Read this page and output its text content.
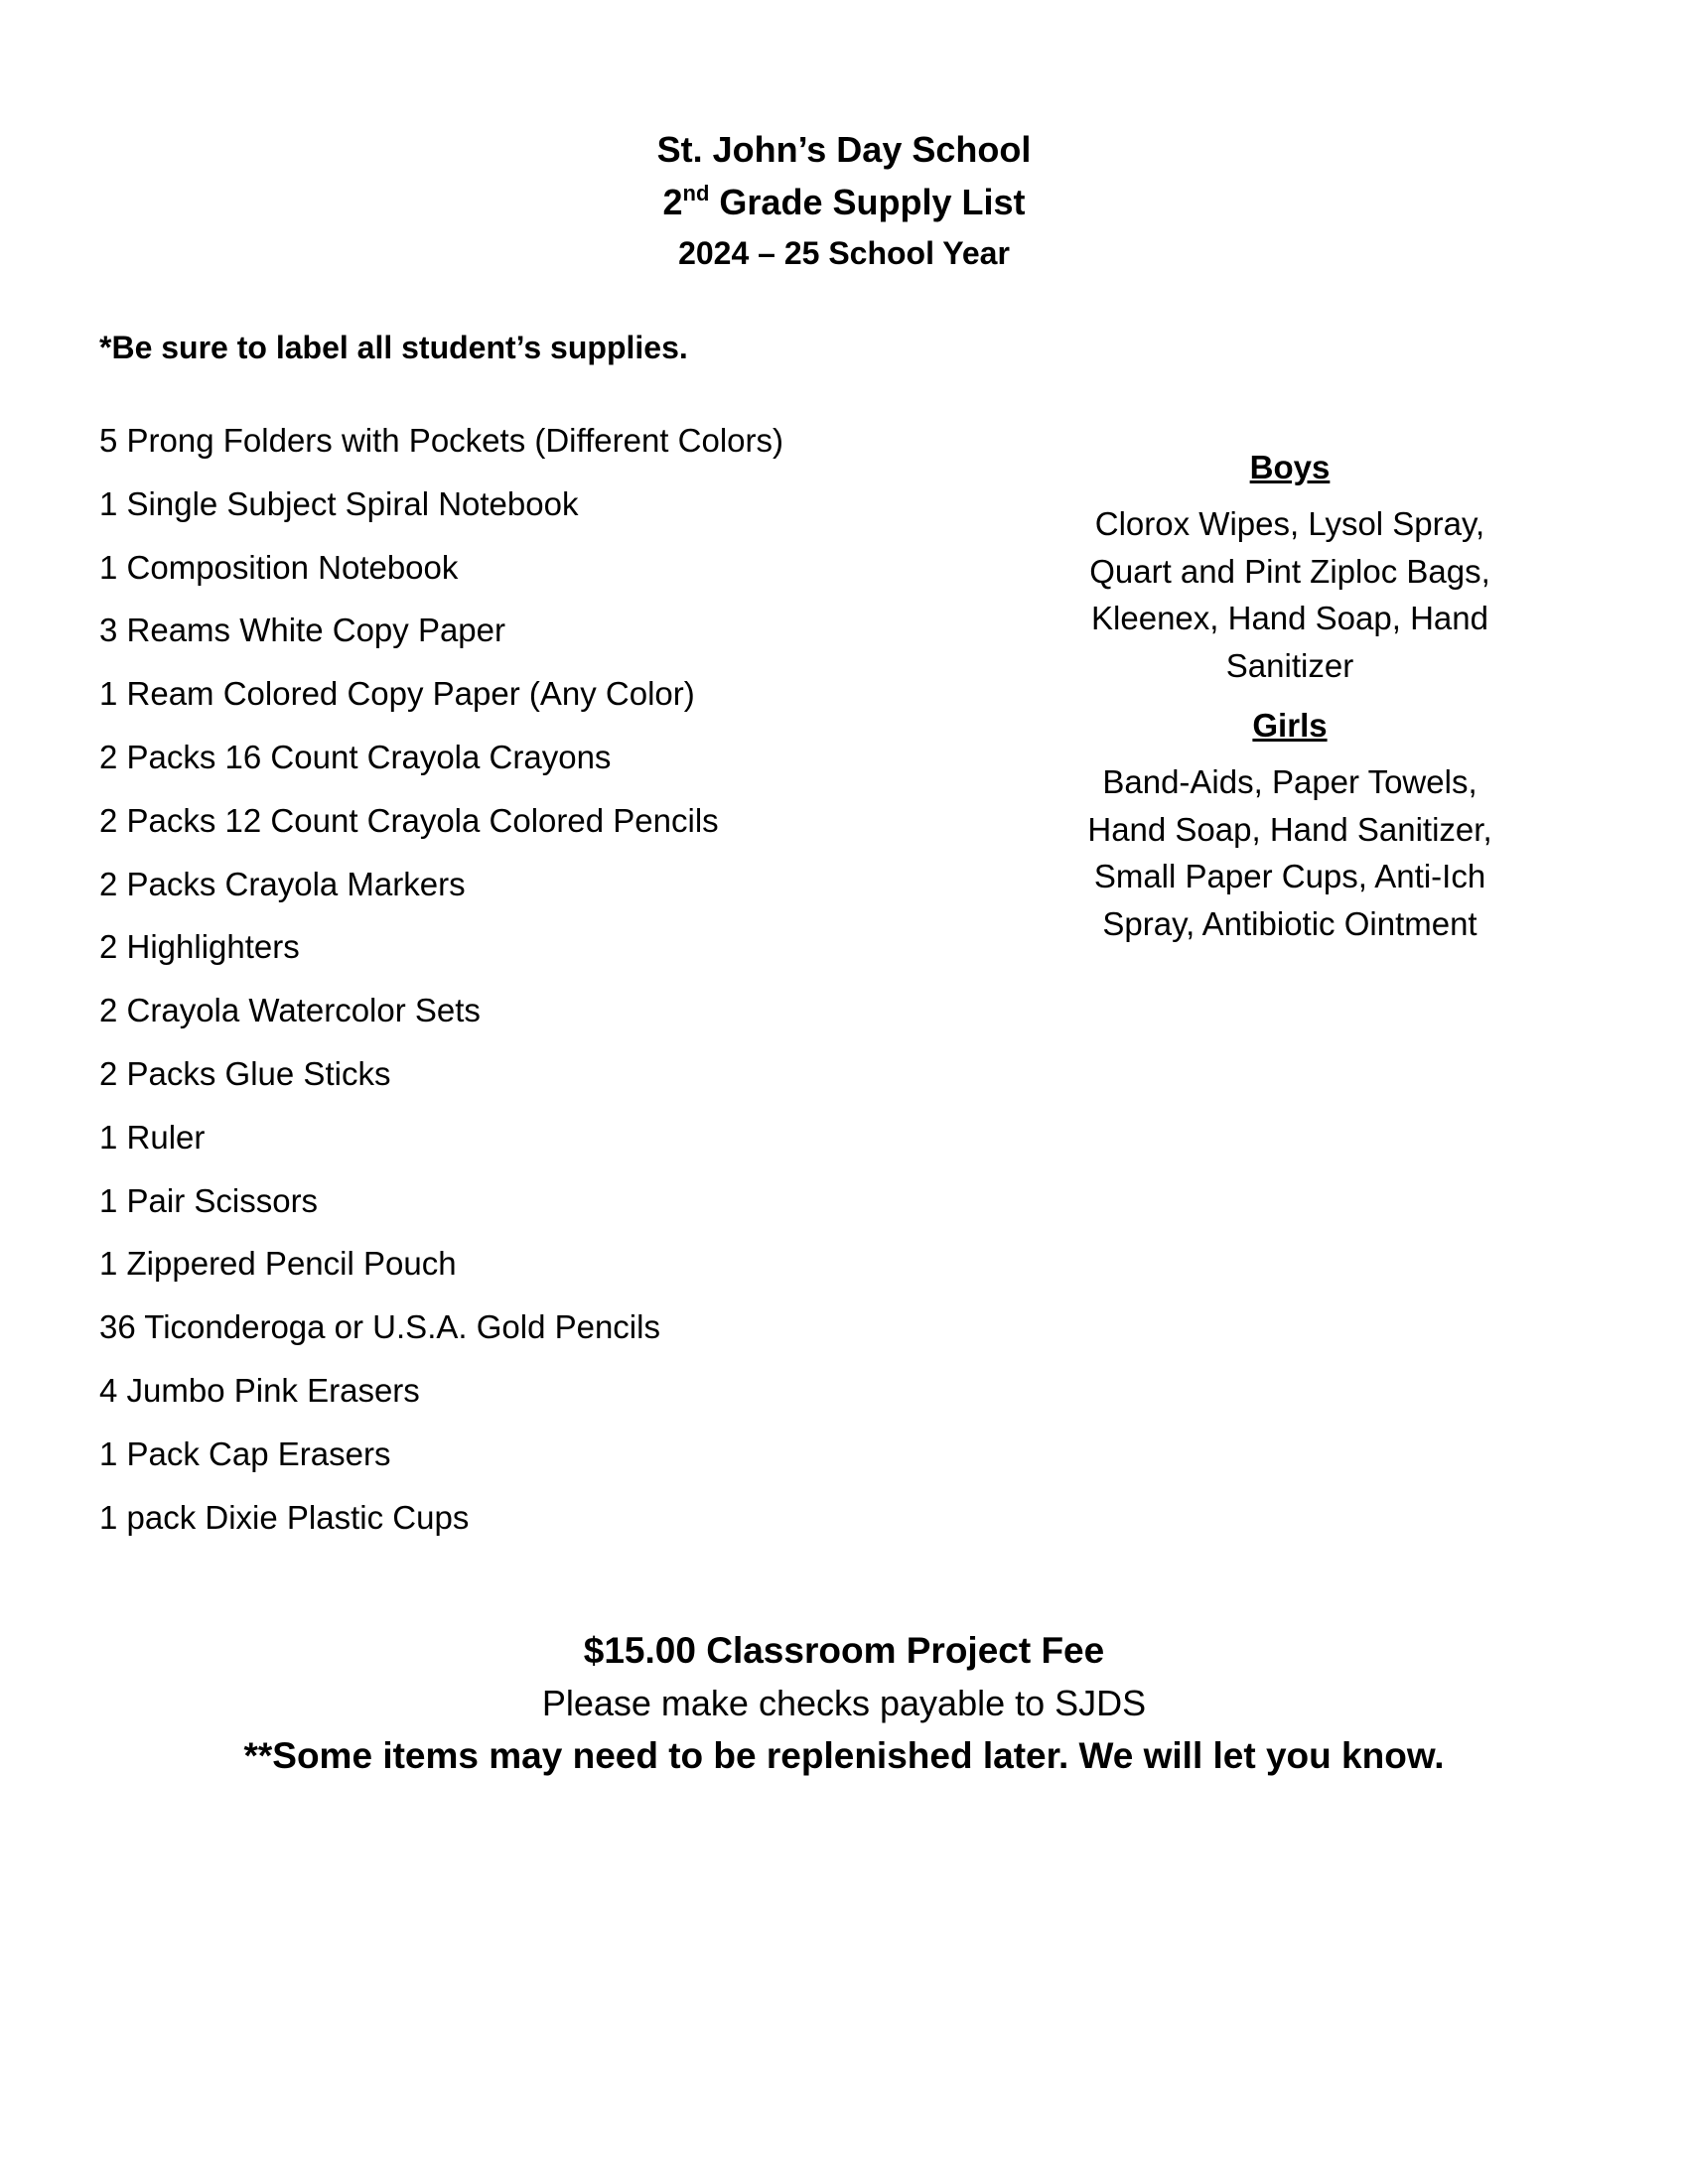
St. John’s Day School
2nd Grade Supply List
2024 – 25 School Year
*Be sure to label all student’s supplies.
5 Prong Folders with Pockets (Different Colors)
1 Single Subject Spiral Notebook
1 Composition Notebook
3 Reams White Copy Paper
1 Ream Colored Copy Paper (Any Color)
2 Packs 16 Count Crayola Crayons
2 Packs 12 Count Crayola Colored Pencils
2 Packs Crayola Markers
2 Highlighters
2 Crayola Watercolor Sets
2 Packs Glue Sticks
1 Ruler
1 Pair Scissors
1 Zippered Pencil Pouch
36 Ticonderoga or U.S.A. Gold Pencils
4 Jumbo Pink Erasers
1 Pack Cap Erasers
1 pack Dixie Plastic Cups
Boys
Clorox Wipes, Lysol Spray,
Quart and Pint Ziploc Bags,
Kleenex, Hand Soap, Hand
Sanitizer
Girls
Band-Aids, Paper Towels,
Hand Soap, Hand Sanitizer,
Small Paper Cups, Anti-Ich
Spray, Antibiotic Ointment
$15.00 Classroom Project Fee
Please make checks payable to SJDS
**Some items may need to be replenished later. We will let you know.
